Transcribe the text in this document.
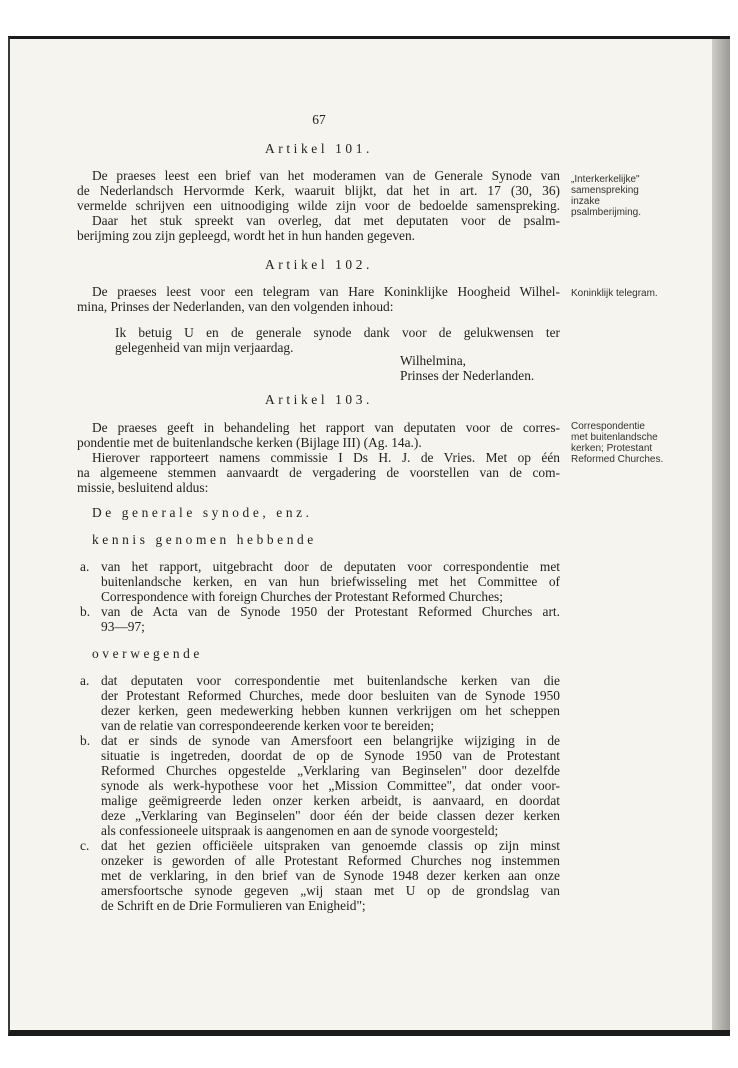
67
Artikel 101.
De praeses leest een brief van het moderamen van de Generale Synode van
de Nederlandsch Hervormde Kerk, waaruit blijkt, dat het in art. 17 (30, 36)
vermelde schrijven een uitnoodiging wilde zijn voor de bedoelde samenspreking.
Daar het stuk spreekt van overleg, dat met deputaten voor de psalm-
berijming zou zijn gepleegd, wordt het in hun handen gegeven.
„Interkerkelijke"
samenspreking
inzake
psalmberijming.
Artikel 102.
De praeses leest voor een telegram van Hare Koninklijke Hoogheid Wilhel-
mina, Prinses der Nederlanden, van den volgenden inhoud:
Koninklijk telegram.
Ik betuig U en de generale synode dank voor de gelukwensen ter
gelegenheid van mijn verjaardag.
Wilhelmina,
Prinses der Nederlanden.
Artikel 103.
De praeses geeft in behandeling het rapport van deputaten voor de corres-
pondentie met de buitenlandsche kerken (Bijlage III) (Ag. 14a.).
Hierover rapporteert namens commissie I Ds H. J. de Vries. Met op één
na algemeene stemmen aanvaardt de vergadering de voorstellen van de com-
missie, besluitend aldus:
Correspondentie
met buitenlandsche
kerken; Protestant
Reformed Churches.
De generale synode, enz.
kennis genomen hebbende
a. van het rapport, uitgebracht door de deputaten voor correspondentie met
buitenlandsche kerken, en van hun briefwisseling met het Committee of
Correspondence with foreign Churches der Protestant Reformed Churches;
b. van de Acta van de Synode 1950 der Protestant Reformed Churches art.
93—97;
overwegende
a. dat deputaten voor correspondentie met buitenlandsche kerken van die
der Protestant Reformed Churches, mede door besluiten van de Synode 1950
dezer kerken, geen medewerking hebben kunnen verkrijgen om het scheppen
van de relatie van correspondeerende kerken voor te bereiden;
b. dat er sinds de synode van Amersfoort een belangrijke wijziging in de
situatie is ingetreden, doordat de op de Synode 1950 van de Protestant
Reformed Churches opgestelde „Verklaring van Beginselen" door dezelfde
synode als werk-hypothese voor het „Mission Committee", dat onder voor-
malige geëmigreerde leden onzer kerken arbeidt, is aanvaard, en doordat
deze „Verklaring van Beginselen" door één der beide classen dezer kerken
als confessioneele uitspraak is aangenomen en aan de synode voorgesteld;
c. dat het gezien officiëele uitspraken van genoemde classis op zijn minst
onzeker is geworden of alle Protestant Reformed Churches nog instemmen
met de verklaring, in den brief van de Synode 1948 dezer kerken aan onze
amersfoortsche synode gegeven „wij staan met U op de grondslag van
de Schrift en de Drie Formulieren van Enigheid";
